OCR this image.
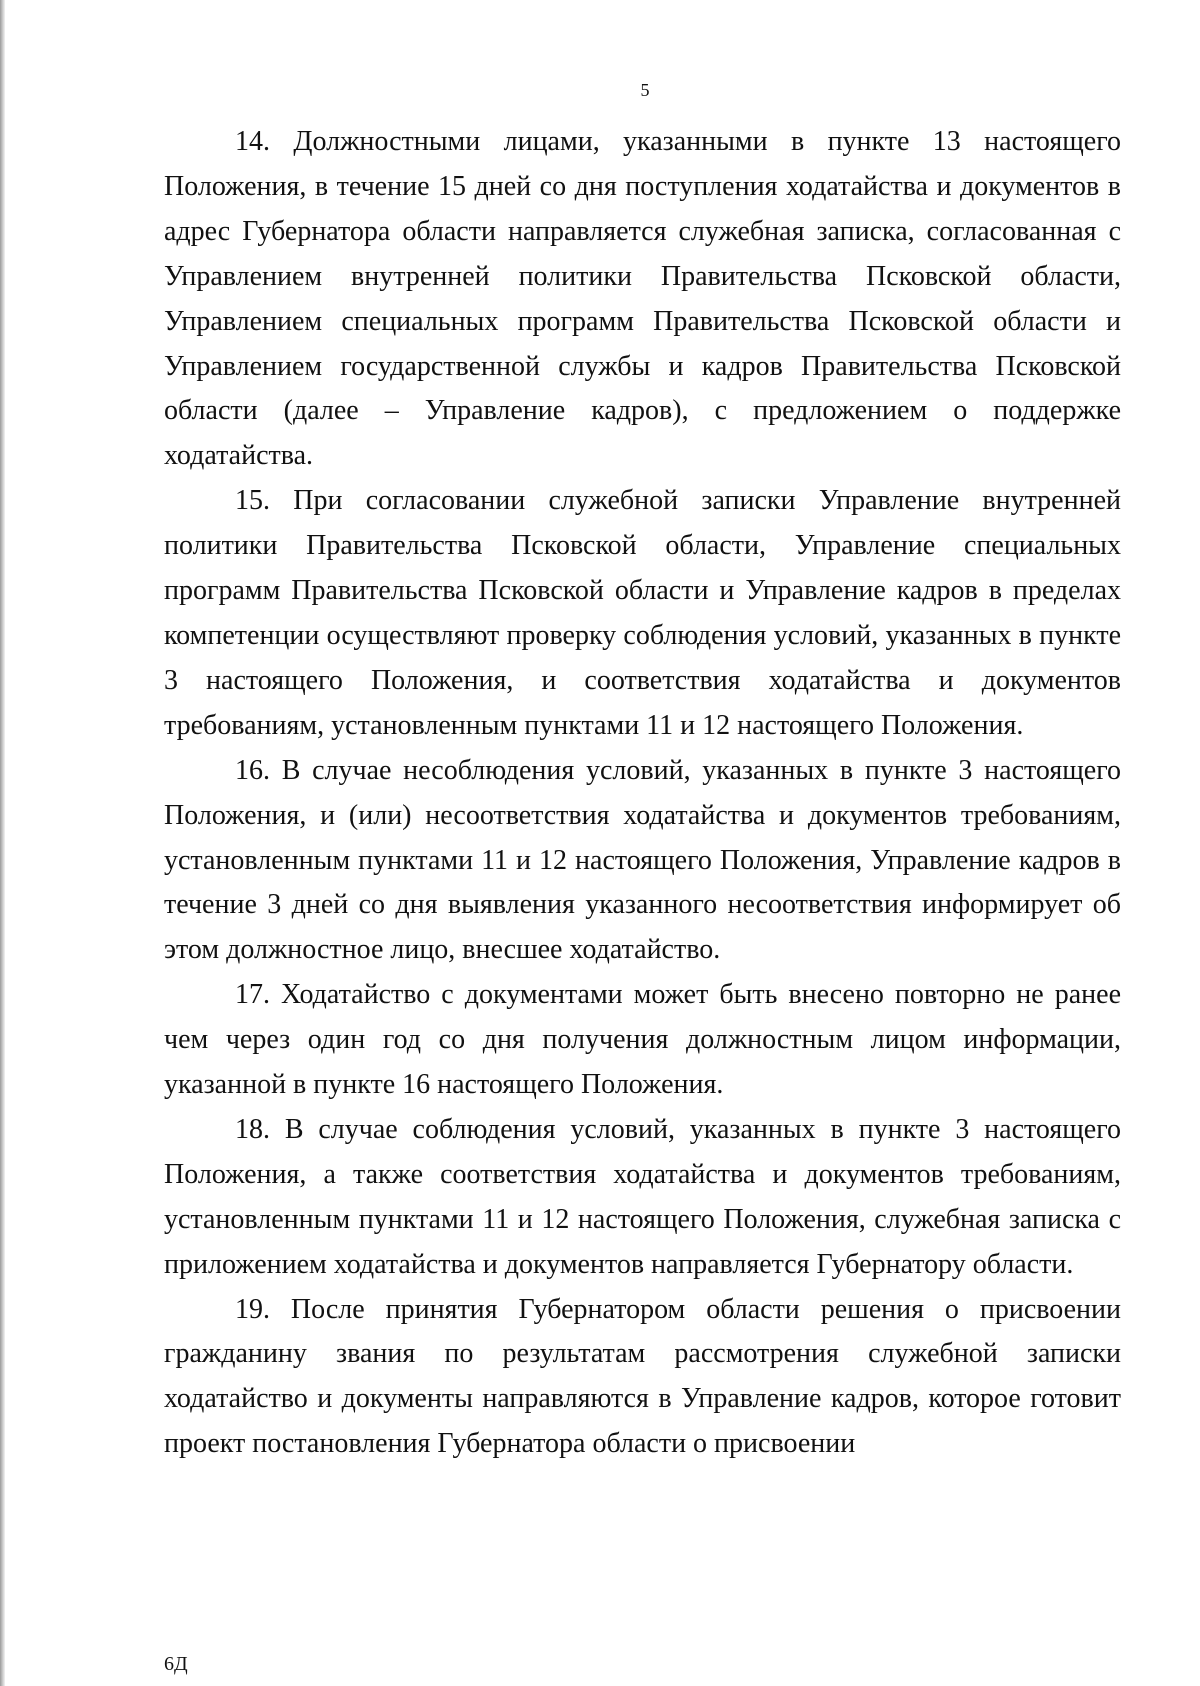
5

14. Должностными лицами, указанными в пункте 13 настоящего Положения, в течение 15 дней со дня поступления ходатайства и документов в адрес Губернатора области направляется служебная записка, согласованная с Управлением внутренней политики Правительства Псковской области, Управлением специальных программ Правительства Псковской области и Управлением государственной службы и кадров Правительства Псковской области (далее – Управление кадров), с предложением о поддержке ходатайства.

15. При согласовании служебной записки Управление внутренней политики Правительства Псковской области, Управление специальных программ Правительства Псковской области и Управление кадров в пределах компетенции осуществляют проверку соблюдения условий, указанных в пункте 3 настоящего Положения, и соответствия ходатайства и документов требованиям, установленным пунктами 11 и 12 настоящего Положения.

16. В случае несоблюдения условий, указанных в пункте 3 настоящего Положения, и (или) несоответствия ходатайства и документов требованиям, установленным пунктами 11 и 12 настоящего Положения, Управление кадров в течение 3 дней со дня выявления указанного несоответствия информирует об этом должностное лицо, внесшее ходатайство.

17. Ходатайство с документами может быть внесено повторно не ранее чем через один год со дня получения должностным лицом информации, указанной в пункте 16 настоящего Положения.

18. В случае соблюдения условий, указанных в пункте 3 настоящего Положения, а также соответствия ходатайства и документов требованиям, установленным пунктами 11 и 12 настоящего Положения, служебная записка с приложением ходатайства и документов направляется Губернатору области.

19. После принятия Губернатором области решения о присвоении гражданину звания по результатам рассмотрения служебной записки ходатайство и документы направляются в Управление кадров, которое готовит проект постановления Губернатора области о присвоении

6Д
